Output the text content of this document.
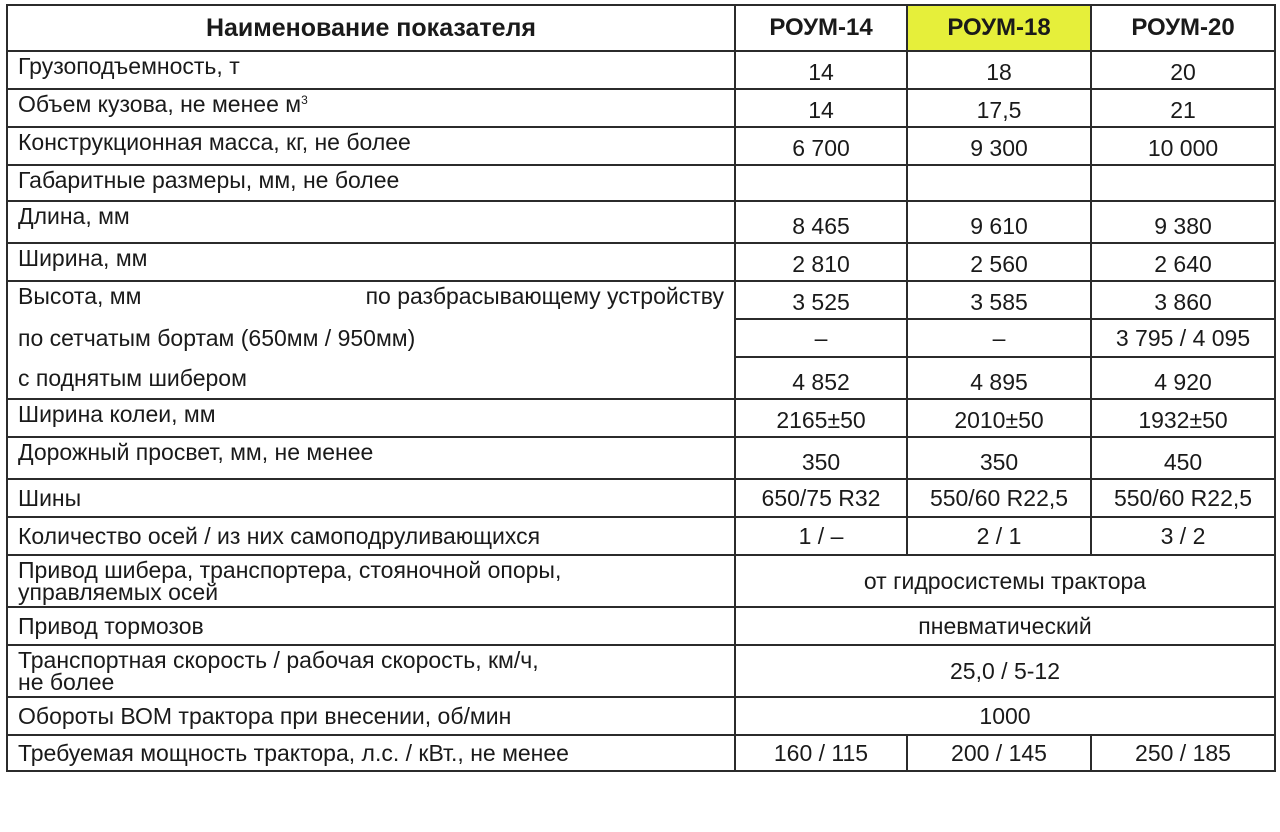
Наименование показателя	РОУМ-14	РОУМ-18	РОУМ-20
Грузоподъемность, т	14	18	20
Объем кузова, не менее $м^3$	14	17,5	21
Конструкционная масса, кг, не более	6 700	9 300	10 000
Габаритные размеры, мм, не более			
Длина, мм	8 465	9 610	9 380
Ширина, мм	2 810	2 560	2 640

Высота, мм по разбрасывающему устройству	3 525	3 585	3 860
по сетчатым бортам (650мм / 950мм)	–	–	3 795 / 4 095
с поднятым шибером	4 852	4 895	4 920
Ширина колеи, мм	2165±50	2010±50	1932±50
Дорожный просвет, мм, не менее	350	350	450
Шины	650/75 R32	550/60 R22,5	550/60 R22,5
Количество осей / из них самоподруливающихся	1 / –	2 / 1	3 / 2

Привод шибера, транспортера, стояночной опоры,
управляемых осей	от гидросистемы трактора		
Привод тормозов	пневматический		

Транспортная скорость / рабочая скорость, км/ч,
не более	25,0 / 5-12		
Обороты ВОМ трактора при внесении, об/мин	1000		
Требуемая мощность трактора, л.с. / кВт., не менее	160 / 115	200 / 145	250 / 185
